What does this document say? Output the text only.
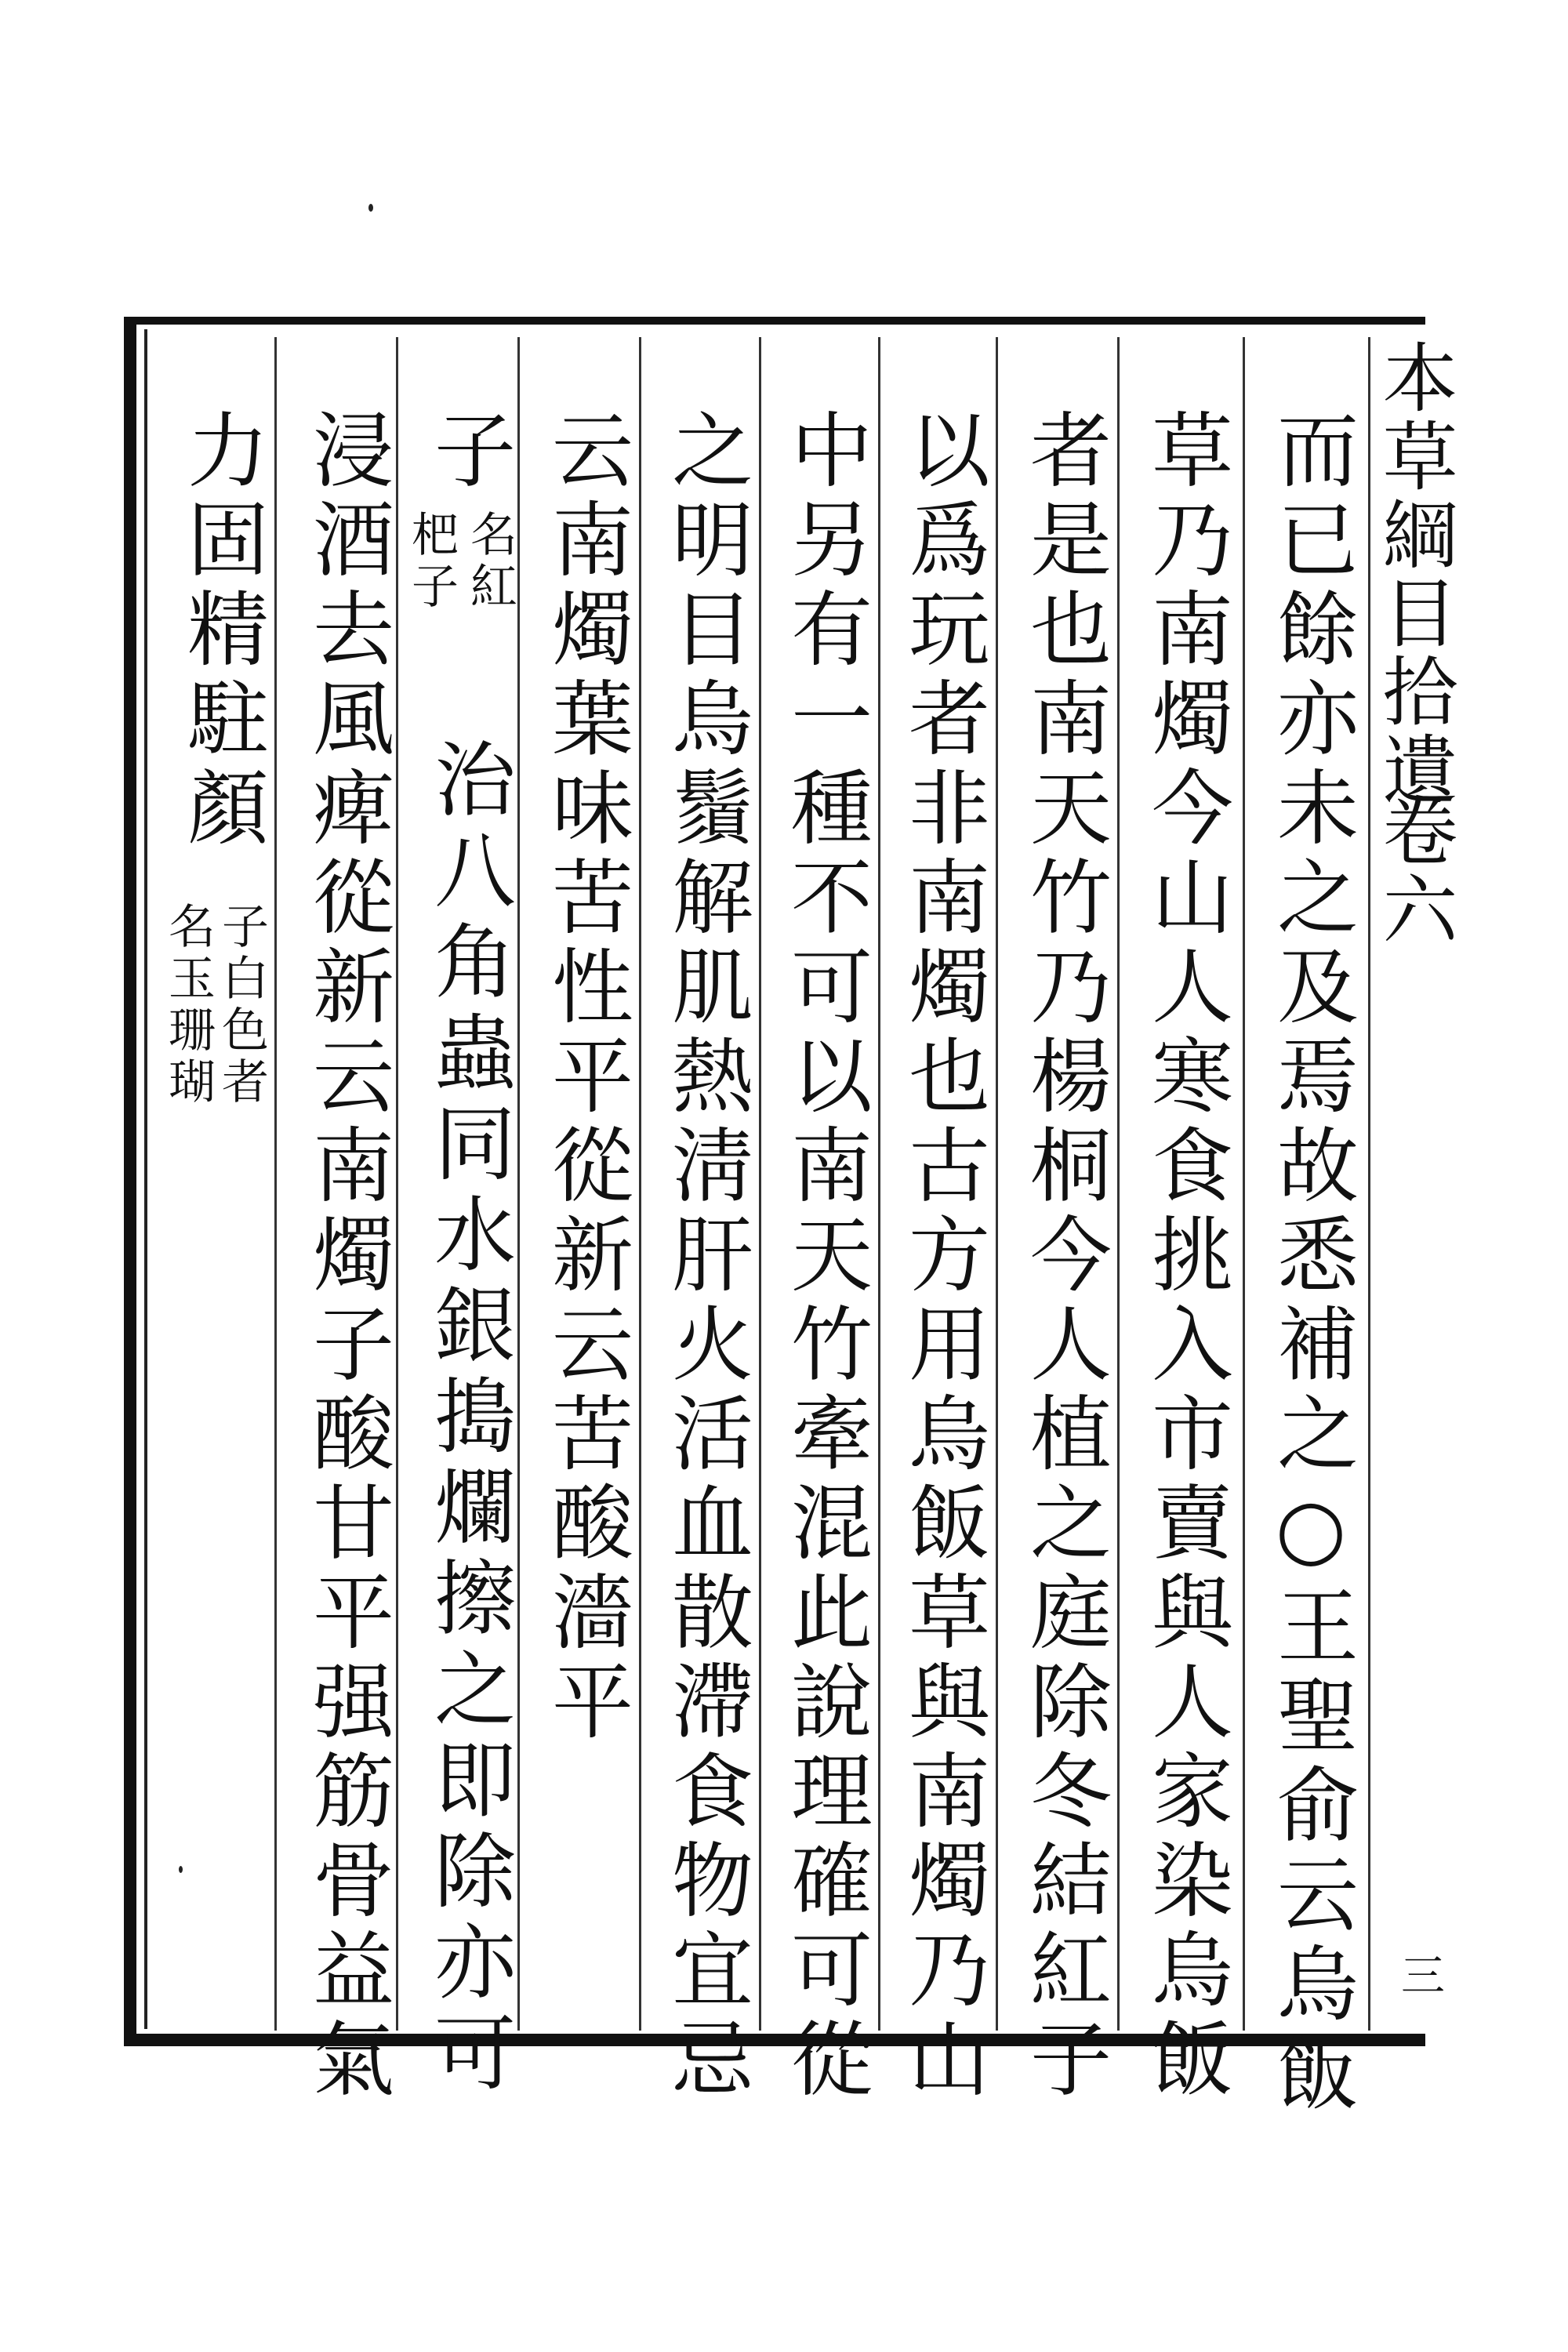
本草綱目拾遺
卷六
三
而已餘亦未之及焉故悉補之○王聖俞云烏飯
草乃南燭今山人寒食挑入市賣與人家染烏飯
者是也南天竹乃楊桐今人植之庭除冬結紅子
以爲玩者非南燭也古方用烏飯草與南燭乃山
中另有一種不可以南天竹牽混此說理確可從
之明目烏鬚解肌熱淸肝火活血散滯食物宜忌
云南燭葉味苦性平從新云苦酸濇平
子
名紅
杷子
治八角蟲同水銀搗爛擦之即除亦可
浸酒去風痺從新云南燭子酸甘平强筋骨益氣
力固精駐顏
子白色者
名玉珊瑚
